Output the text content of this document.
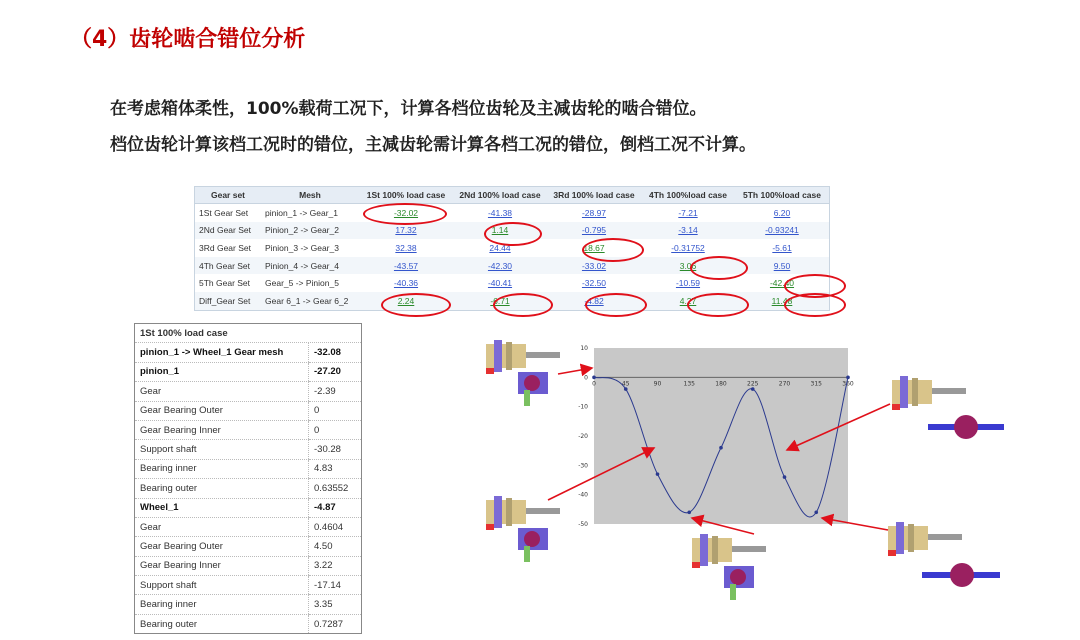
（4）齿轮啮合错位分析
在考虑箱体柔性，100%载荷工况下，计算各档位齿轮及主减齿轮的啮合错位。
档位齿轮计算该档工况时的错位，主减齿轮需计算各档工况的错位，倒档工况不计算。
Gear set	Mesh	1St 100% load case	2Nd 100% load case	3Rd 100% load case	4Th 100%load case	5Th 100%load case
1St Gear Set	pinion_1 -> Gear_1	-32.02	-41.38	-28.97	-7.21	6.20
2Nd Gear Set	Pinion_2 -> Gear_2	17.32	1.14	-0.795	-3.14	-0.93241
3Rd Gear Set	Pinion_3 -> Gear_3	32.38	24.44	18.67	-0.31752	-5.61
4Th Gear Set	Pinion_4 -> Gear_4	-43.57	-42.30	-33.02	3.06	9.50
5Th Gear Set	Gear_5 -> Pinion_5	-40.36	-40.41	-32.50	-10.59	-42.40
Diff_Gear Set	Gear 6_1 -> Gear 6_2	2.24	-6.71	-4.82	4.27	11.48
1St 100% load case	
pinion_1 -> Wheel_1 Gear mesh	-32.08
pinion_1	-27.20
Gear	-2.39
Gear Bearing Outer	0
Gear Bearing Inner	0
Support shaft	-30.28
Bearing inner	4.83
Bearing outer	0.63552
Wheel_1	-4.87
Gear	0.4604
Gear Bearing Outer	4.50
Gear Bearing Inner	3.22
Support shaft	-17.14
Bearing inner	3.35
Bearing outer	0.7287
10
0
-10
-20
-30
-40
-50
0	45	90	135	180	225	270	315	360
